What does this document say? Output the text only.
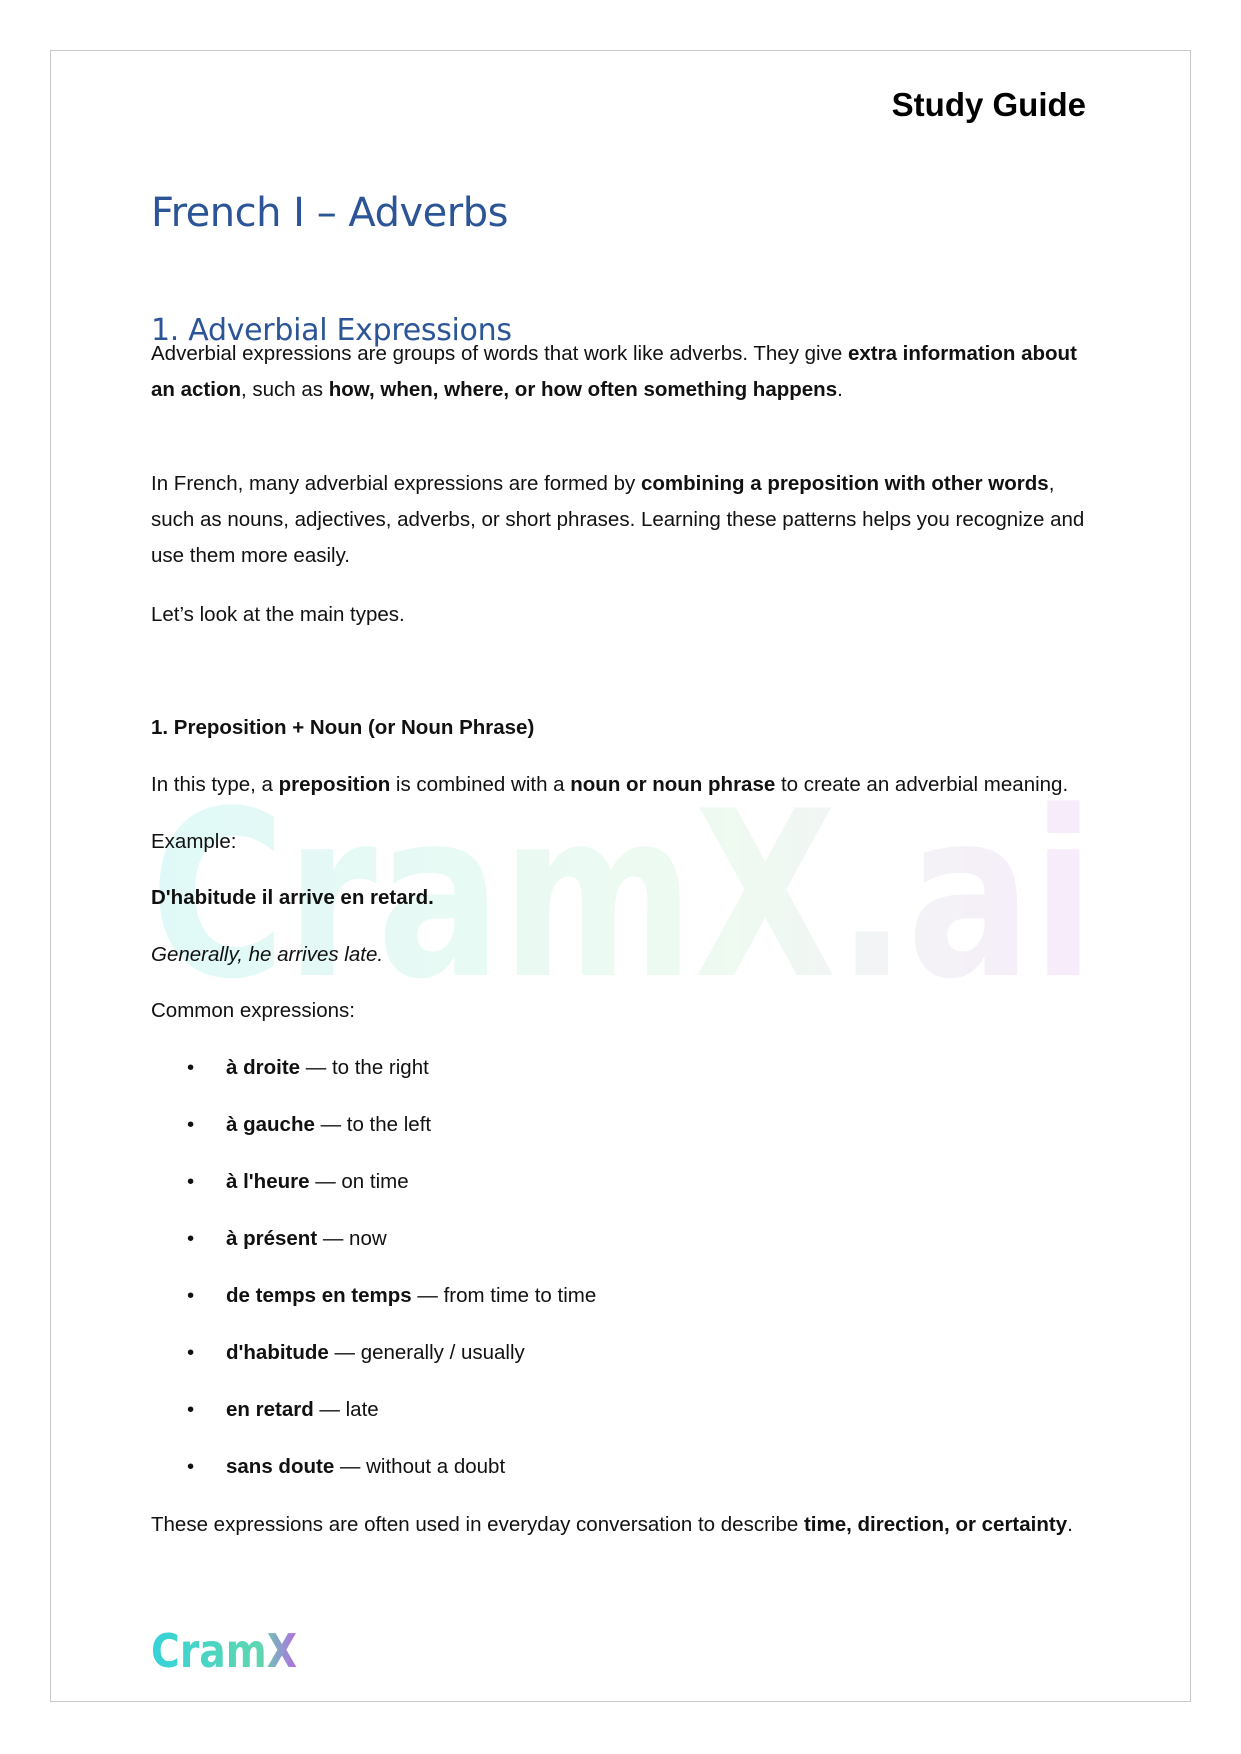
Study Guide
French I – Adverbs
1. Adverbial Expressions
CramX.ai
Adverbial expressions are groups of words that work like adverbs. They give extra information about an action, such as how, when, where, or how often something happens.
In French, many adverbial expressions are formed by combining a preposition with other words, such as nouns, adjectives, adverbs, or short phrases. Learning these patterns helps you recognize and use them more easily.
Let’s look at the main types.
1. Preposition + Noun (or Noun Phrase)
In this type, a preposition is combined with a noun or noun phrase to create an adverbial meaning.
Example:
D'habitude il arrive en retard.
Generally, he arrives late.
Common expressions:
• à droite — to the right
• à gauche — to the left
• à l'heure — on time
• à présent — now
• de temps en temps — from time to time
• d'habitude — generally / usually
• en retard — late
• sans doute — without a doubt
These expressions are often used in everyday conversation to describe time, direction, or certainty.
CramX
